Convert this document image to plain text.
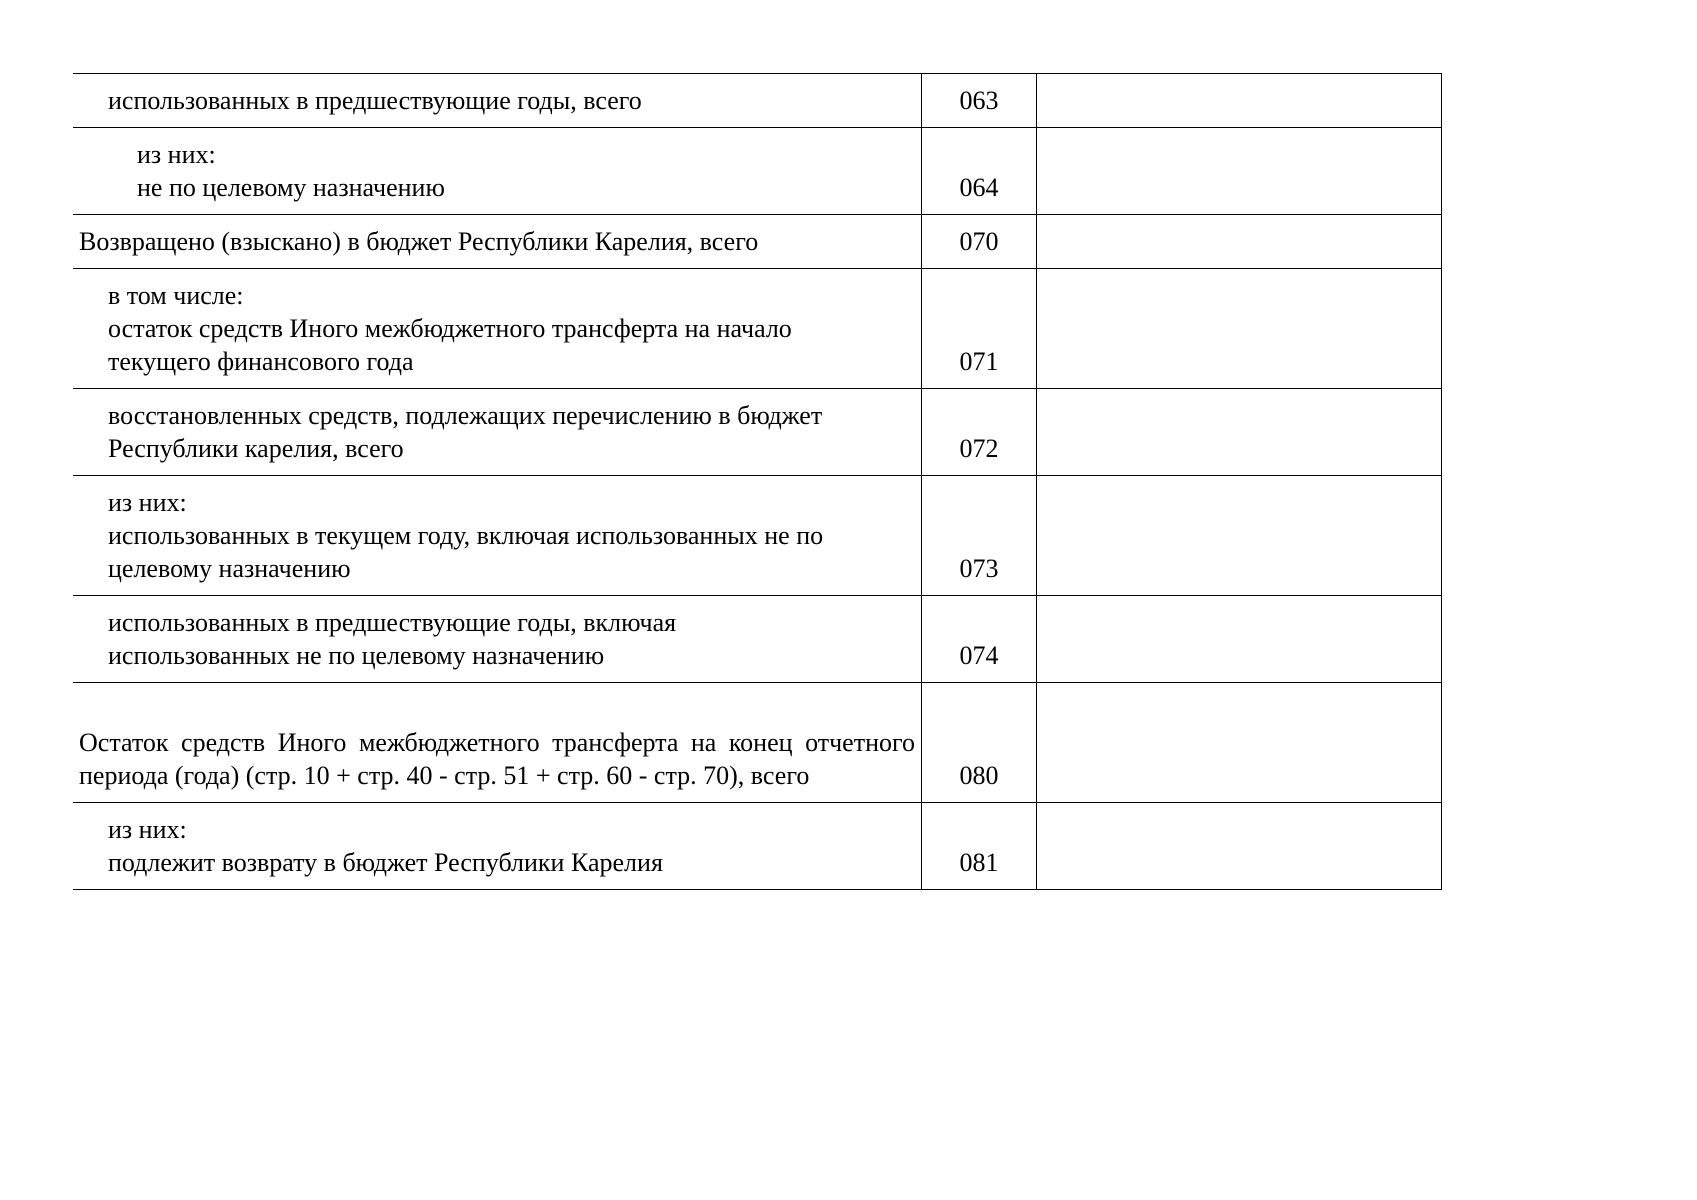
использованных в предшествующие годы, всего	063	

из них:
не по целевому назначению	064	

Возвращено (взыскано) в бюджет Республики Карелия, всего	070	

в том числе:
остаток средств Иного межбюджетного трансферта на начало
текущего финансового года	071	

восстановленных средств, подлежащих перечислению в бюджет
Республики карелия, всего	072	

из них:
использованных в текущем году, включая использованных не по
целевому назначению	073	

использованных в предшествующие годы, включая
использованных не по целевому назначению	074	

Остаток средств Иного межбюджетного трансферта на конец отчетного периода (года) (стр. 10 + стр. 40 - стр. 51 + стр. 60 - стр. 70), всего	080	

из них:
подлежит возврату в бюджет Республики Карелия	081	
